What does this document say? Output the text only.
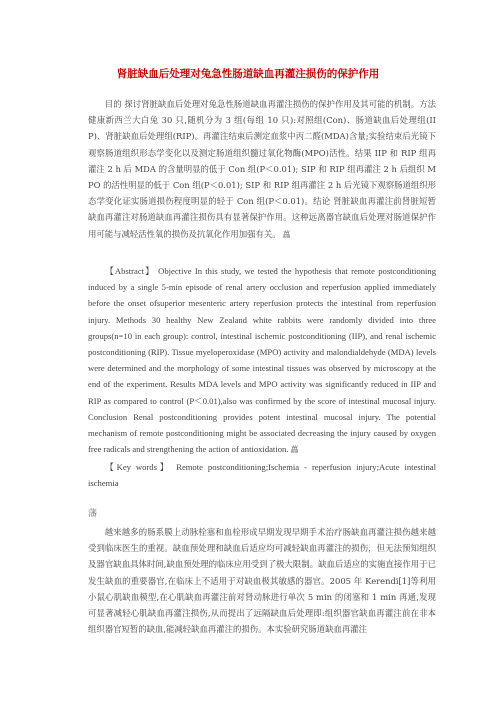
肾脏缺血后处理对兔急性肠道缺血再灌注损伤的保护作用
目的 探讨肾脏缺血后处理对兔急性肠道缺血再灌注损伤的保护作用及其可能的机制。方法 健康新西兰大白兔 30 只,随机分为 3 组(每组 10 只):对照组(Con)、肠道缺血后处理组(IIP)、肾脏缺血后处理组(RIP)。再灌注结束后测定血浆中丙二醛(MDA)含量;实验结束后光镜下观察肠道组织形态学变化以及测定肠道组织髓过氧化物酶(MPO)活性。结果 IIP 和 RIP 组再灌注 2 h 后 MDA 的含量明显的低于 Con 组(P＜0.01); SIP 和 RIP 组再灌注 2 h 后组织 MPO 的活性明显的低于 Con 组(P＜0.01); SIP 和 RIP 组再灌注 2 h 后光镜下观察肠道组织形态学变化证实肠道损伤程度明显的轻于 Con 组(P＜0.01)。结论 肾脏缺血再灌注前肾脏短暂缺血再灌注对肠道缺血再灌注损伤具有显著保护作用。这种远离器官缺血后处理对肠道保护作用可能与减轻活性氧的损伤及抗氧化作用加强有关。 藟
【Abstract】 Objective In this study, we tested the hypothesis that remote postconditioning induced by a single 5-min episode of renal artery occlusion and reperfusion applied immediately before the onset ofsuperior mesenteric artery reperfusion protects the intestinal from reperfusion injury. Methods 30 healthy New Zealand white rabbits were randomly divided into three groups(n=10 in each group): control, intestinal ischemic postconditioning (IIP), and renal ischemic postconditioning (RIP). Tissue myeloperoxidase (MPO) activity and malondialdehyde (MDA) levels were determined and the morphology of some intestinal tissues was observed by microscopy at the end of the experiment. Results MDA levels and MPO activity was significantly reduced in IIP and RIP as compared to control (P＜0.01),also was confirmed by the score of intestinal mucosal injury. Conclusion Renal postconditioning provides potent intestinal mucosal injury. The potential mechanism of remote postconditioning might be associated decreasing the injury caused by oxygen free radicals and strengthening the action of antioxidation. 藟
【Key words】 Remote postconditioning;Ischemia - reperfusion injury;Acute intestinal ischemia
藩
越来越多的肠系膜上动脉栓塞和血栓形成早期发现早期手术治疗肠缺血再灌注损伤越来越受到临床医生的重视。缺血预处理和缺血后适应均可减轻缺血再灌注的损伤，但无法预知组织及器官缺血具体时间,缺血预处理的临床应用受到了极大限制。缺血后适应的实施直接作用于已发生缺血的重要器官,在临床上不适用于对缺血极其敏感的器官。2005 年 Kerendi[1]等利用小鼠心肌缺血模型,在心肌缺血再灌注前对肾动脉进行单次 5 min 的闭塞和 1 min 再通,发现可显著减轻心肌缺血再灌注损伤,从而提出了远隔缺血后处理即:组织器官缺血再灌注前在非本组织器官短暂的缺血,能减轻缺血再灌注的损伤。本实验研究肠道缺血再灌注
